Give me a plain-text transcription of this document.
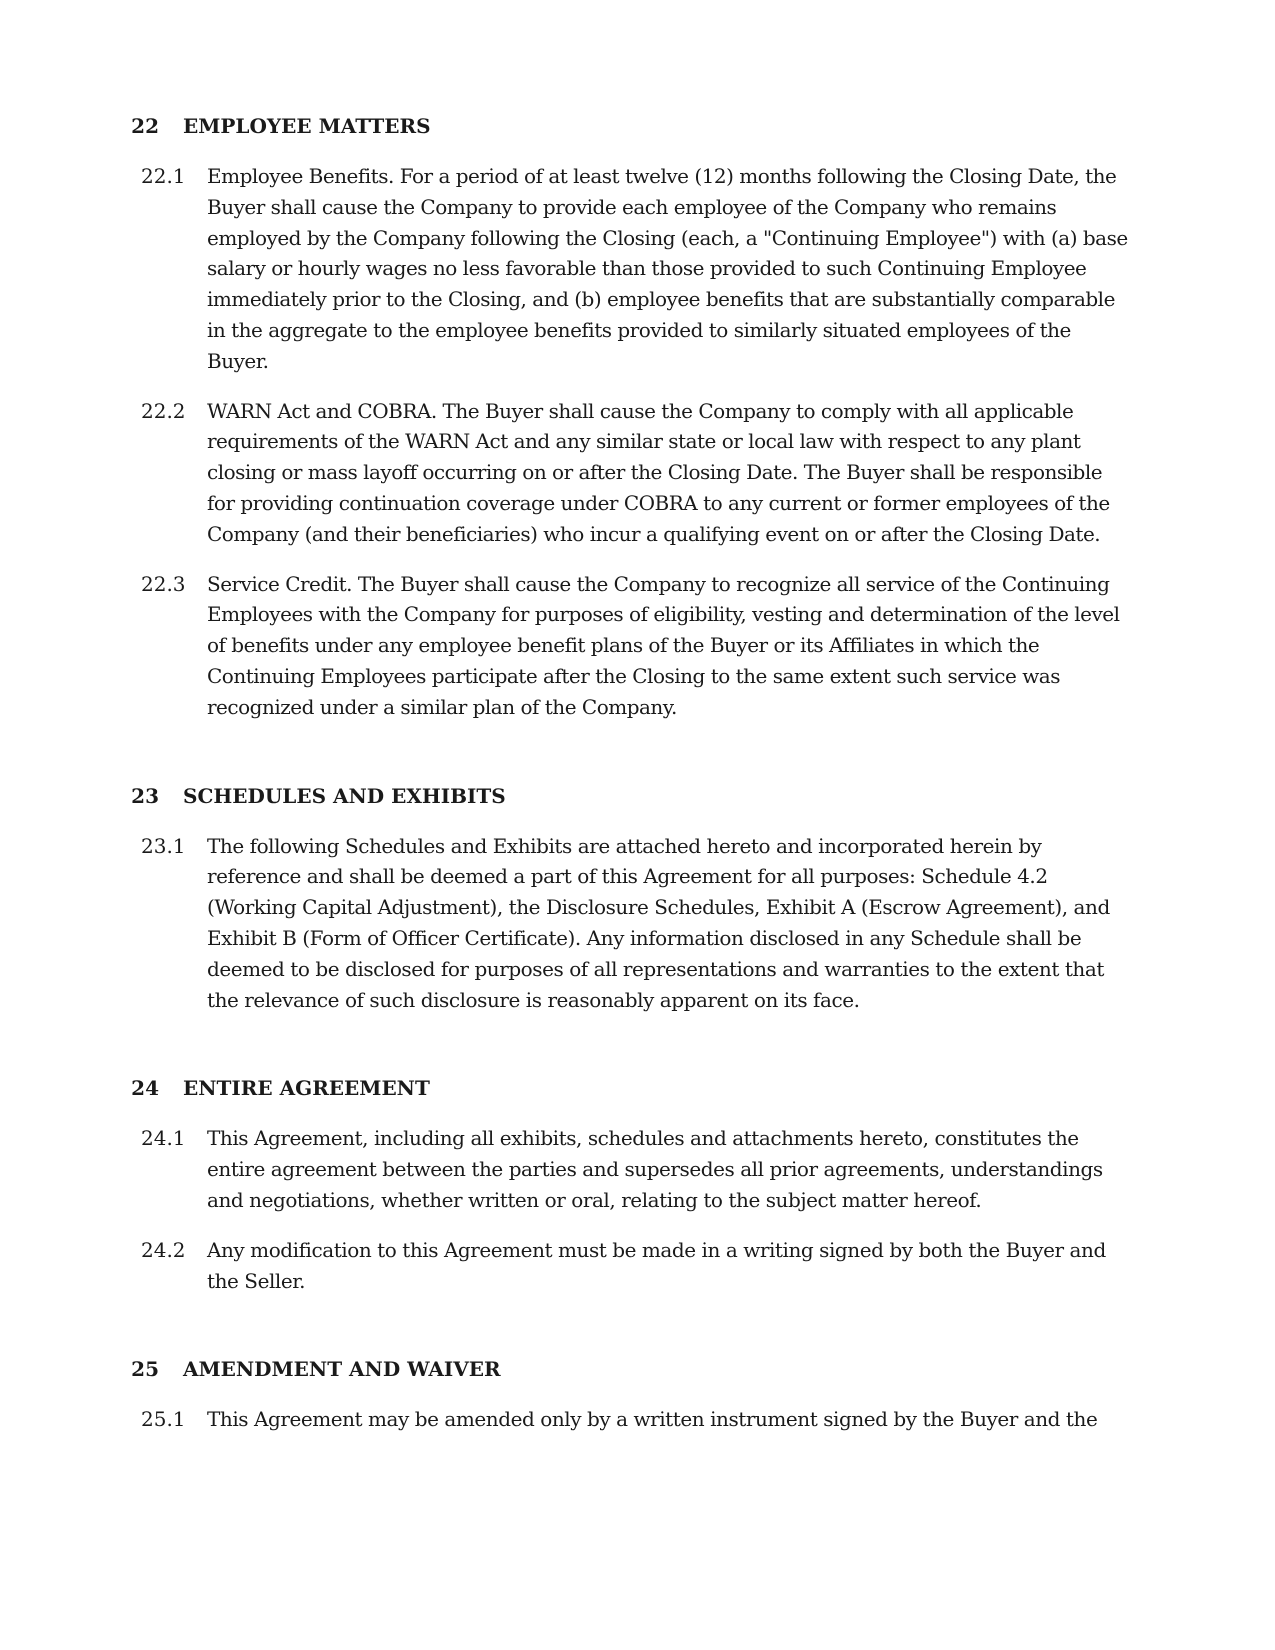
22	EMPLOYEE MATTERS
22.1	Employee Benefits. For a period of at least twelve (12) months following the Closing Date, the Buyer shall cause the Company to provide each employee of the Company who remains employed by the Company following the Closing (each, a "Continuing Employee") with (a) base salary or hourly wages no less favorable than those provided to such Continuing Employee immediately prior to the Closing, and (b) employee benefits that are substantially comparable in the aggregate to the employee benefits provided to similarly situated employees of the Buyer.
22.2	WARN Act and COBRA. The Buyer shall cause the Company to comply with all applicable requirements of the WARN Act and any similar state or local law with respect to any plant closing or mass layoff occurring on or after the Closing Date. The Buyer shall be responsible for providing continuation coverage under COBRA to any current or former employees of the Company (and their beneficiaries) who incur a qualifying event on or after the Closing Date.
22.3	Service Credit. The Buyer shall cause the Company to recognize all service of the Continuing Employees with the Company for purposes of eligibility, vesting and determination of the level of benefits under any employee benefit plans of the Buyer or its Affiliates in which the Continuing Employees participate after the Closing to the same extent such service was recognized under a similar plan of the Company.
23	SCHEDULES AND EXHIBITS
23.1	The following Schedules and Exhibits are attached hereto and incorporated herein by reference and shall be deemed a part of this Agreement for all purposes: Schedule 4.2 (Working Capital Adjustment), the Disclosure Schedules, Exhibit A (Escrow Agreement), and Exhibit B (Form of Officer Certificate). Any information disclosed in any Schedule shall be deemed to be disclosed for purposes of all representations and warranties to the extent that the relevance of such disclosure is reasonably apparent on its face.
24	ENTIRE AGREEMENT
24.1	This Agreement, including all exhibits, schedules and attachments hereto, constitutes the entire agreement between the parties and supersedes all prior agreements, understandings and negotiations, whether written or oral, relating to the subject matter hereof.
24.2	Any modification to this Agreement must be made in a writing signed by both the Buyer and the Seller.
25	AMENDMENT AND WAIVER
25.1	This Agreement may be amended only by a written instrument signed by the Buyer and the
